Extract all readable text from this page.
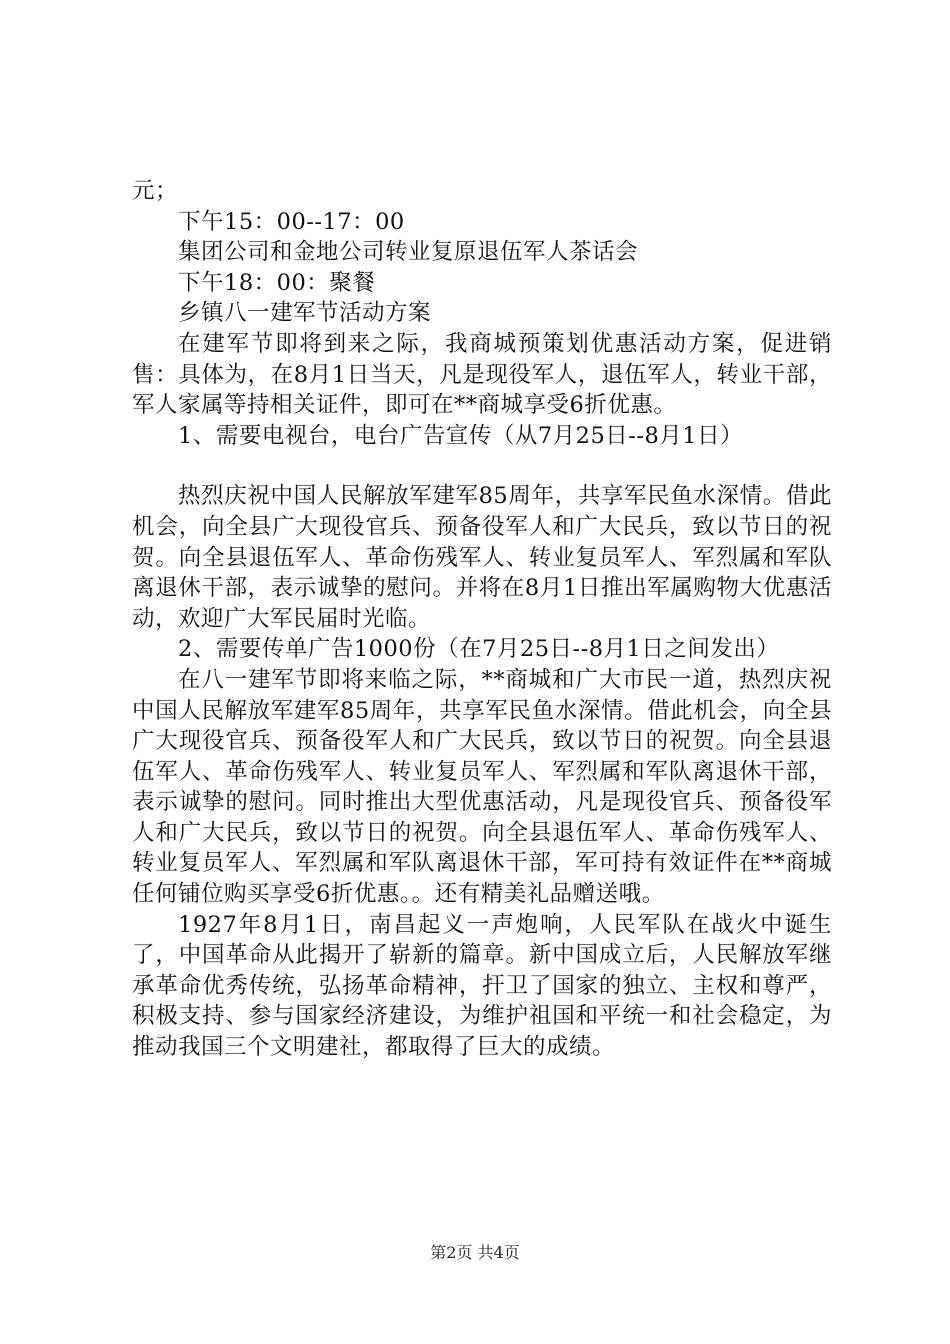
元；

下午15：00--17：00

集团公司和金地公司转业复原退伍军人茶话会

下午18：00：聚餐

乡镇八一建军节活动方案

在建军节即将到来之际，我商城预策划优惠活动方案，促进销售：具体为，在8月1日当天，凡是现役军人，退伍军人，转业干部，军人家属等持相关证件，即可在**商城享受6折优惠。

1、需要电视台，电台广告宣传（从7月25日--8月1日）

热烈庆祝中国人民解放军建军85周年，共享军民鱼水深情。借此机会，向全县广大现役官兵、预备役军人和广大民兵，致以节日的祝贺。向全县退伍军人、革命伤残军人、转业复员军人、军烈属和军队离退休干部，表示诚挚的慰问。并将在8月1日推出军属购物大优惠活动，欢迎广大军民届时光临。

2、需要传单广告1000份（在7月25日--8月1日之间发出）

在八一建军节即将来临之际，**商城和广大市民一道，热烈庆祝中国人民解放军建军85周年，共享军民鱼水深情。借此机会，向全县广大现役官兵、预备役军人和广大民兵，致以节日的祝贺。向全县退伍军人、革命伤残军人、转业复员军人、军烈属和军队离退休干部，表示诚挚的慰问。同时推出大型优惠活动，凡是现役官兵、预备役军人和广大民兵，致以节日的祝贺。向全县退伍军人、革命伤残军人、转业复员军人、军烈属和军队离退休干部，军可持有效证件在**商城任何铺位购买享受6折优惠。。还有精美礼品赠送哦。

1927年8月1日，南昌起义一声炮响，人民军队在战火中诞生了，中国革命从此揭开了崭新的篇章。新中国成立后，人民解放军继承革命优秀传统，弘扬革命精神，扞卫了国家的独立、主权和尊严，积极支持、参与国家经济建设，为维护祖国和平统一和社会稳定，为推动我国三个文明建社，都取得了巨大的成绩。

第2页 共4页
